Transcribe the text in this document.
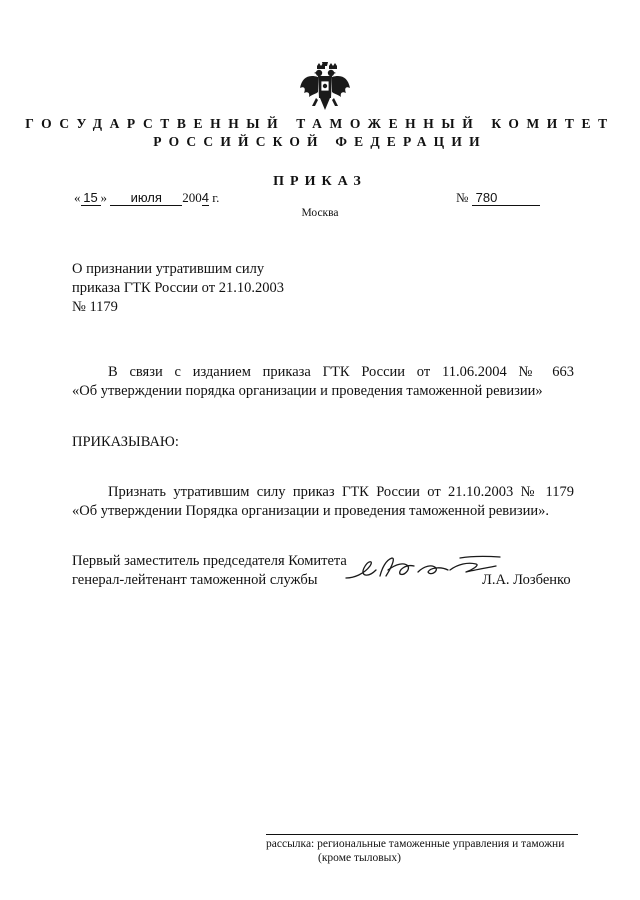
ГОСУДАРСТВЕННЫЙ ТАМОЖЕННЫЙ КОМИТЕТ
РОССИЙСКОЙ ФЕДЕРАЦИИ
ПРИКАЗ
« 15 » июля 2004 г.	№ 780
Москва
О признании утратившим силу
приказа ГТК России от 21.10.2003
№ 1179
В связи с изданием приказа ГТК России от 11.06.2004 № 663
«Об утверждении порядка организации и проведения таможенной ревизии»
ПРИКАЗЫВАЮ:
Признать утратившим силу приказ ГТК России от 21.10.2003 № 1179
«Об утверждении Порядка организации и проведения таможенной ревизии».
Первый заместитель председателя Комитета
генерал-лейтенант таможенной службы	Л.А. Лозбенко
рассылка: региональные таможенные управления и таможни
(кроме тыловых)
